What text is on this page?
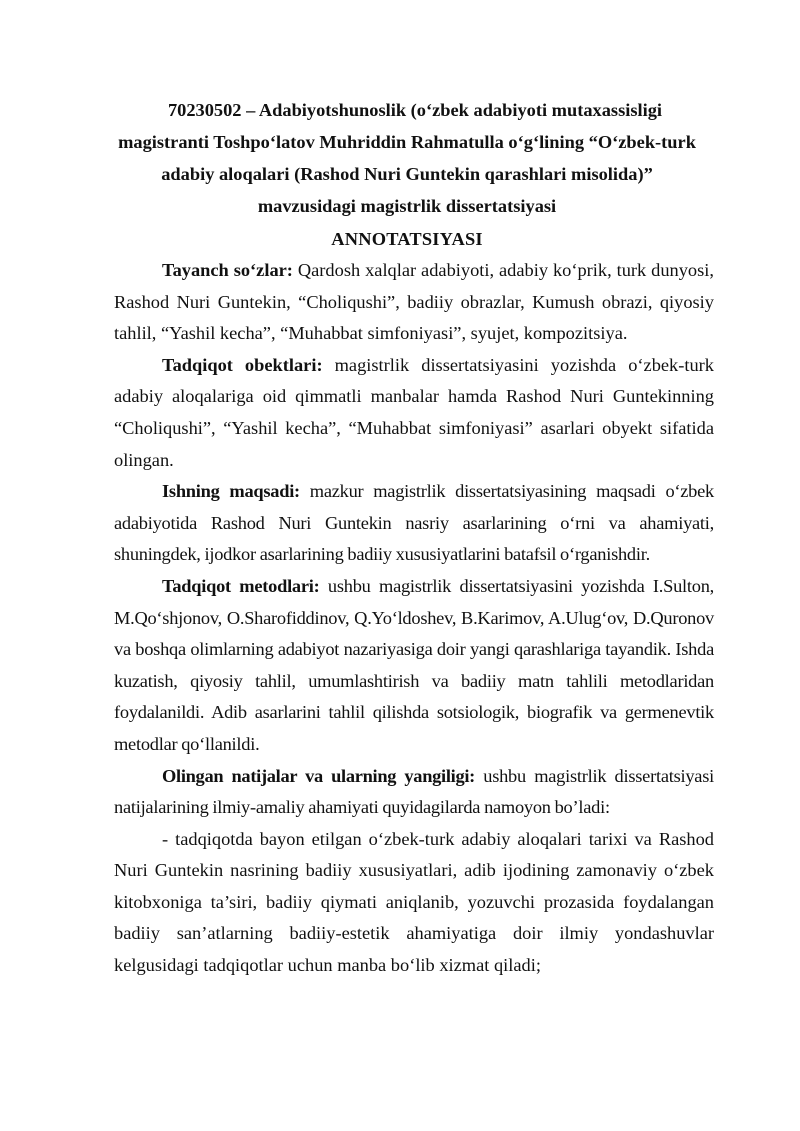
70230502 – Adabiyotshunoslik (o‘zbek adabiyoti mutaxassisligi
magistranti Toshpo‘latov Muhriddin Rahmatulla o‘g‘lining “O‘zbek-turk
adabiy aloqalari (Rashod Nuri Guntekin qarashlari misolida)”
mavzusidagi magistrlik dissertatsiyasi
ANNOTATSIYASI

Tayanch so‘zlar: Qardosh xalqlar adabiyoti, adabiy ko‘prik, turk dunyosi, Rashod Nuri Guntekin, “Choliqushi”, badiiy obrazlar, Kumush obrazi, qiyosiy tahlil, “Yashil kecha”, “Muhabbat simfoniyasi”, syujet, kompozitsiya.

Tadqiqot obektlari: magistrlik dissertatsiyasini yozishda o‘zbek-turk adabiy aloqalariga oid qimmatli manbalar hamda Rashod Nuri Guntekinning “Choliqushi”, “Yashil kecha”, “Muhabbat simfoniyasi” asarlari obyekt sifatida olingan.

Ishning maqsadi: mazkur magistrlik dissertatsiyasining maqsadi o‘zbek adabiyotida Rashod Nuri Guntekin nasriy asarlarining o‘rni va ahamiyati, shuningdek, ijodkor asarlarining badiiy xususiyatlarini batafsil o‘rganishdir.

Tadqiqot metodlari: ushbu magistrlik dissertatsiyasini yozishda I.Sulton, M.Qo‘shjonov, O.Sharofiddinov, Q.Yo‘ldoshev, B.Karimov, A.Ulug‘ov, D.Quronov va boshqa olimlarning adabiyot nazariyasiga doir yangi qarashlariga tayandik. Ishda kuzatish, qiyosiy tahlil, umumlashtirish va badiiy matn tahlili metodlaridan foydalanildi. Adib asarlarini tahlil qilishda sotsiologik, biografik va germenevtik metodlar qo‘llanildi.

Olingan natijalar va ularning yangiligi: ushbu magistrlik dissertatsiyasi natijalarining ilmiy-amaliy ahamiyati quyidagilarda namoyon bo’ladi:

- tadqiqotda bayon etilgan o‘zbek-turk adabiy aloqalari tarixi va Rashod Nuri Guntekin nasrining badiiy xususiyatlari, adib ijodining zamonaviy o‘zbek kitobxoniga ta’siri, badiiy qiymati aniqlanib, yozuvchi prozasida foydalangan badiiy san’atlarning badiiy-estetik ahamiyatiga doir ilmiy yondashuvlar kelgusidagi tadqiqotlar uchun manba bo‘lib xizmat qiladi;
